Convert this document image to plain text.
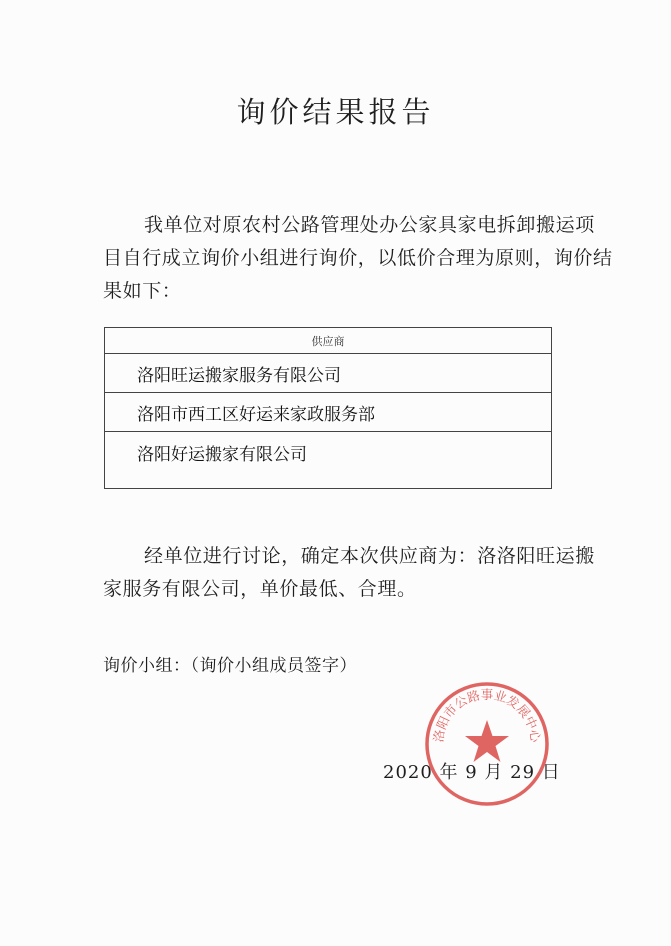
询价结果报告
我单位对原农村公路管理处办公家具家电拆卸搬运项
目自行成立询价小组进行询价，以低价合理为原则，询价结
果如下：
供应商
洛阳旺运搬家服务有限公司
洛阳市西工区好运来家政服务部
洛阳好运搬家有限公司
经单位进行讨论，确定本次供应商为：洛洛阳旺运搬
家服务有限公司，单价最低、合理。
询价小组：（询价小组成员签字）
2020 年 9 月 29 日
洛阳市公路事业发展中心
